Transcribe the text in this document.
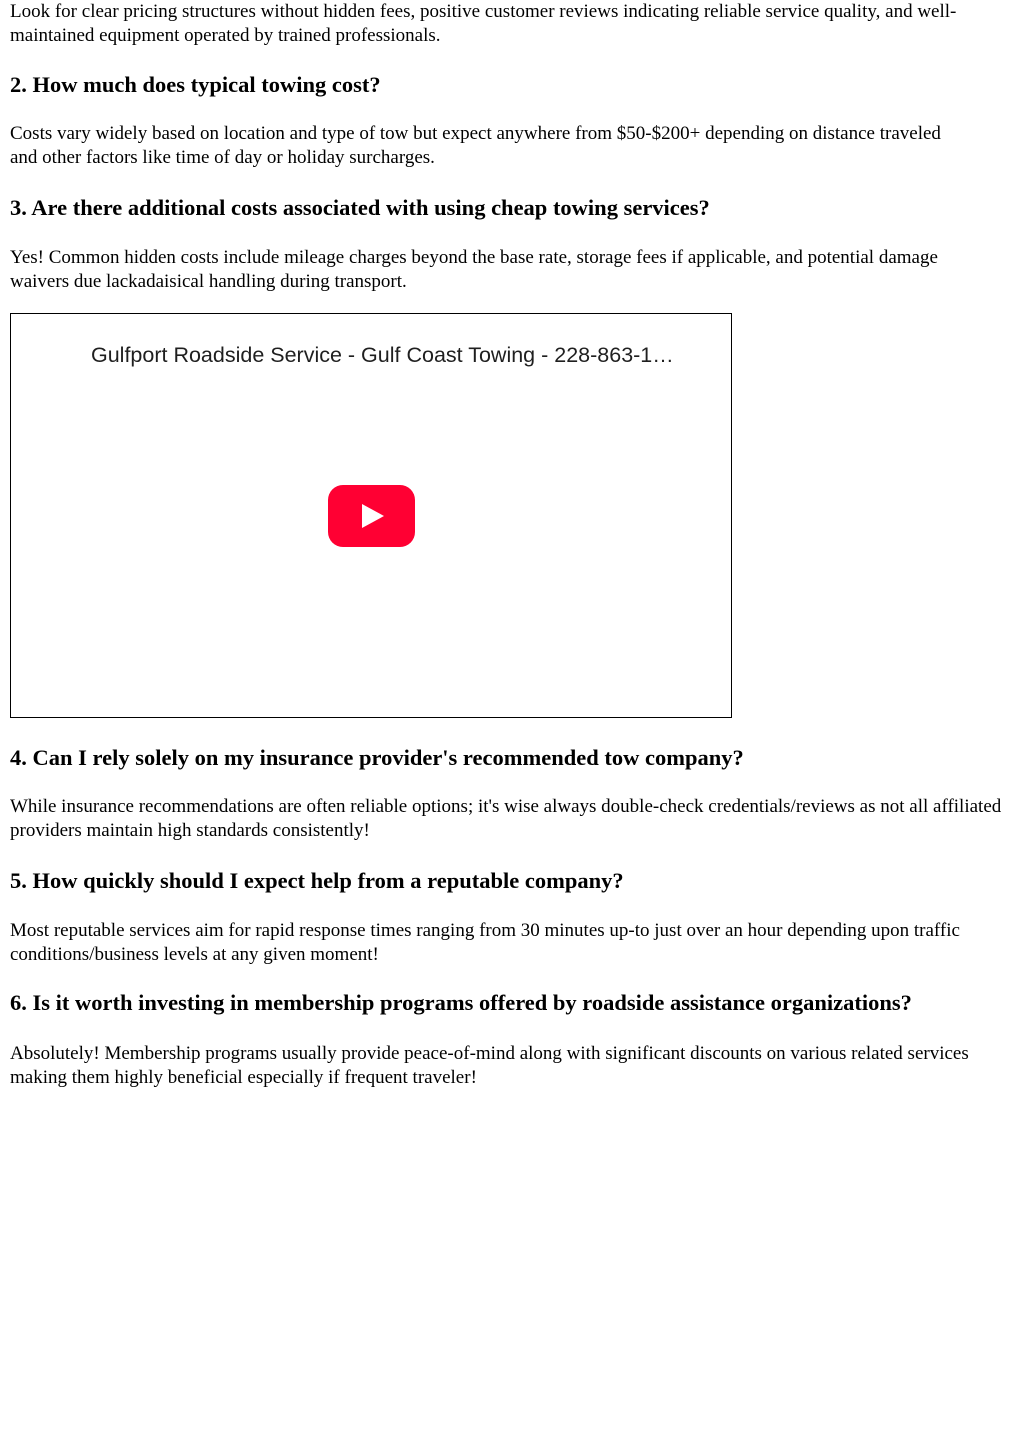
Look for clear pricing structures without hidden fees, positive customer reviews indicating reliable service quality, and well-maintained equipment operated by trained professionals.

2. How much does typical towing cost?

Costs vary widely based on location and type of tow but expect anywhere from $50-$200+ depending on distance traveled and other factors like time of day or holiday surcharges.

3. Are there additional costs associated with using cheap towing services?

Yes! Common hidden costs include mileage charges beyond the base rate, storage fees if applicable, and potential damage waivers due lackadaisical handling during transport.

Gulfport Roadside Service - Gulf Coast Towing - 228-863-1…
4. Can I rely solely on my insurance provider's recommended tow company?

While insurance recommendations are often reliable options; it's wise always double-check credentials/reviews as not all affiliated providers maintain high standards consistently!

5. How quickly should I expect help from a reputable company?

Most reputable services aim for rapid response times ranging from 30 minutes up-to just over an hour depending upon traffic conditions/business levels at any given moment!

6. Is it worth investing in membership programs offered by roadside assistance organizations?

Absolutely! Membership programs usually provide peace-of-mind along with significant discounts on various related services making them highly beneficial especially if frequent traveler!
